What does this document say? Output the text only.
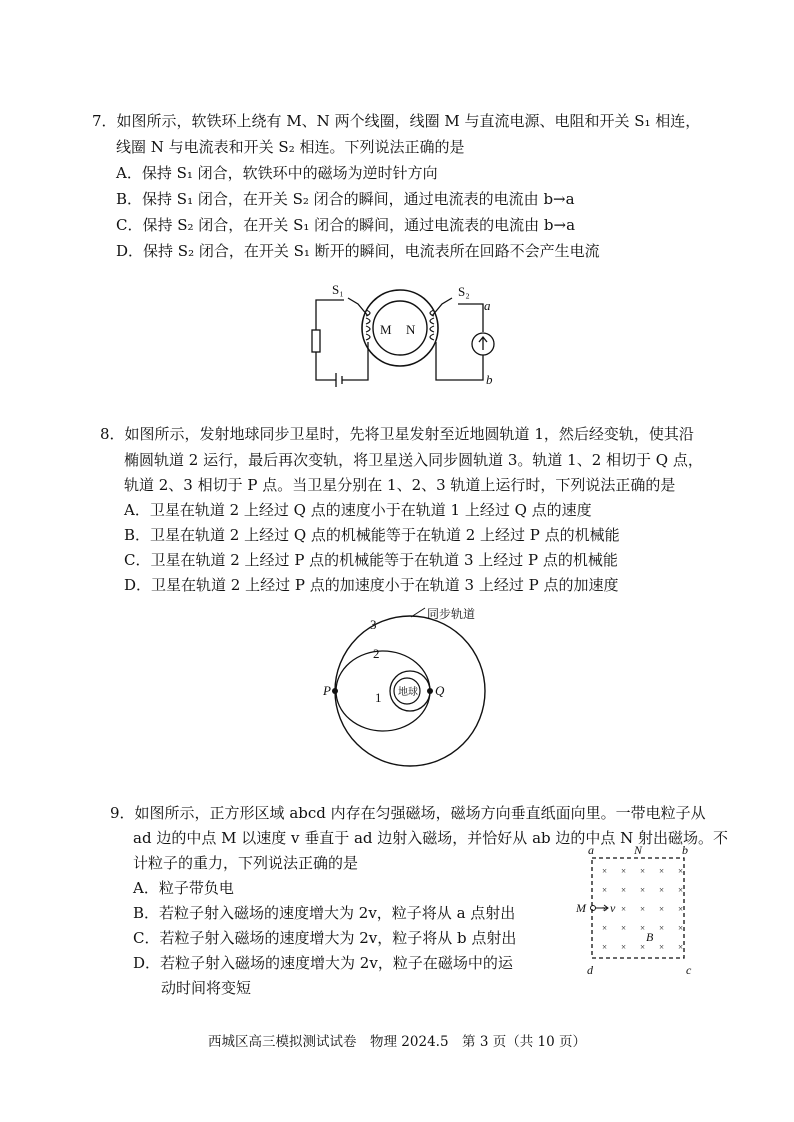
7．如图所示，软铁环上绕有 M、N 两个线圈，线圈 M 与直流电源、电阻和开关 S₁ 相连，
线圈 N 与电流表和开关 S₂ 相连。下列说法正确的是
A．保持 S₁ 闭合，软铁环中的磁场为逆时针方向
B．保持 S₁ 闭合，在开关 S₂ 闭合的瞬间，通过电流表的电流由 b→a
C．保持 S₂ 闭合，在开关 S₁ 闭合的瞬间，通过电流表的电流由 b→a
D．保持 S₂ 闭合，在开关 S₁ 断开的瞬间，电流表所在回路不会产生电流
M N
S₁	S₂
a
b
8．如图所示，发射地球同步卫星时，先将卫星发射至近地圆轨道 1，然后经变轨，使其沿
椭圆轨道 2 运行，最后再次变轨，将卫星送入同步圆轨道 3。轨道 1、2 相切于 Q 点，
轨道 2、3 相切于 P 点。当卫星分别在 1、2、3 轨道上运行时，下列说法正确的是
A．卫星在轨道 2 上经过 Q 点的速度小于在轨道 1 上经过 Q 点的速度
B．卫星在轨道 2 上经过 Q 点的机械能等于在轨道 2 上经过 P 点的机械能
C．卫星在轨道 2 上经过 P 点的机械能等于在轨道 3 上经过 P 点的机械能
D．卫星在轨道 2 上经过 P 点的加速度小于在轨道 3 上经过 P 点的加速度
地球
P	Q
3
2
1
同步轨道
9．如图所示，正方形区域 abcd 内存在匀强磁场，磁场方向垂直纸面向里。一带电粒子从
ad 边的中点 M 以速度 v 垂直于 ad 边射入磁场，并恰好从 ab 边的中点 N 射出磁场。不
计粒子的重力，下列说法正确的是
A．粒子带负电
B．若粒子射入磁场的速度增大为 2v，粒子将从 a 点射出
C．若粒子射入磁场的速度增大为 2v，粒子将从 b 点射出
D．若粒子射入磁场的速度增大为 2v，粒子在磁场中的运
动时间将变短
× × × × ×
× × × × ×
× × × × ×
× × × × ×
× × × × ×
a	N	b
d	c
M v
B
西城区高三模拟测试试卷　物理 2024.5　第 3 页（共 10 页）
